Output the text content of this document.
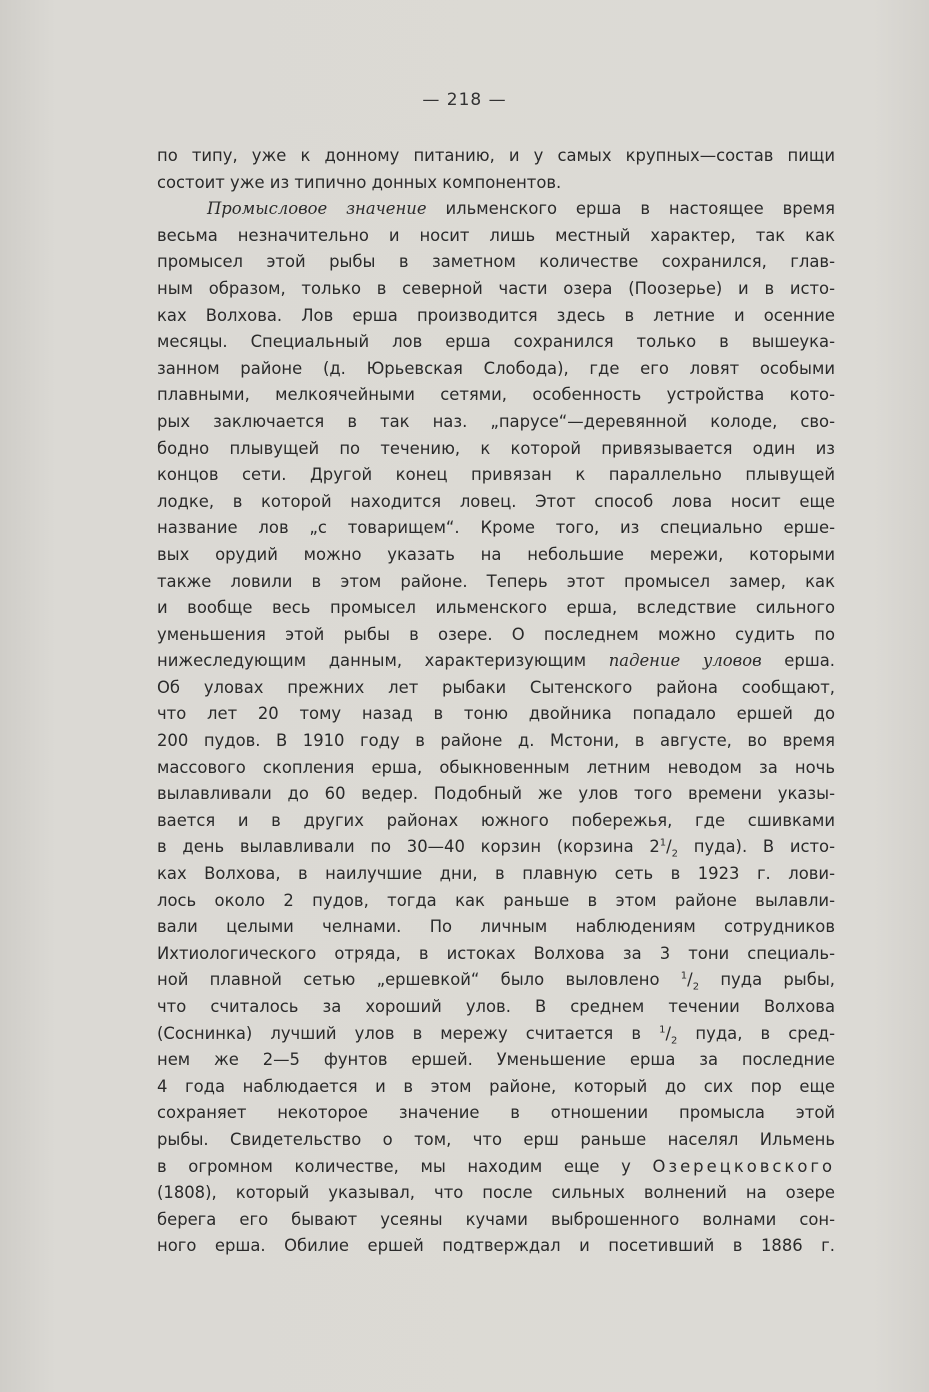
— 218 —
по типу, уже к донному питанию, и у самых крупных—состав пищи
состоит уже из типично донных компонентов.
Промысловое значение ильменского ерша в настоящее время
весьма незначительно и носит лишь местный характер, так как
промысел этой рыбы в заметном количестве сохранился, глав-
ным образом, только в северной части озера (Поозерье) и в исто-
ках Волхова. Лов ерша производится здесь в летние и осенние
месяцы. Специальный лов ерша сохранился только в вышеука-
занном районе (д. Юрьевская Слобода), где его ловят особыми
плавными, мелкоячейными сетями, особенность устройства кото-
рых заключается в так наз. „парусе“—деревянной колоде, сво-
бодно плывущей по течению, к которой привязывается один из
концов сети. Другой конец привязан к параллельно плывущей
лодке, в которой находится ловец. Этот способ лова носит еще
название лов „с товарищем“. Кроме того, из специально ерше-
вых орудий можно указать на небольшие мережи, которыми
также ловили в этом районе. Теперь этот промысел замер, как
и вообще весь промысел ильменского ерша, вследствие сильного
уменьшения этой рыбы в озере. О последнем можно судить по
нижеследующим данным, характеризующим падение уловов ерша.
Об уловах прежних лет рыбаки Сытенского района сообщают,
что лет 20 тому назад в тоню двойника попадало ершей до
200 пудов. В 1910 году в районе д. Мстони, в августе, во время
массового скопления ерша, обыкновенным летним неводом за ночь
вылавливали до 60 ведер. Подобный же улов того времени указы-
вается и в других районах южного побережья, где сшивками
в день вылавливали по 30—40 корзин (корзина $2^1/_2$ пуда). В исто-
ках Волхова, в наилучшие дни, в плавную сеть в 1923 г. лови-
лось около 2 пудов, тогда как раньше в этом районе вылавли-
вали целыми челнами. По личным наблюдениям сотрудников
Ихтиологического отряда, в истоках Волхова за 3 тони специаль-
ной плавной сетью „ершевкой“ было выловлено $^1/_2$ пуда рыбы,
что считалось за хороший улов. В среднем течении Волхова
(Соснинка) лучший улов в мережу считается в $^1/_2$ пуда, в сред-
нем же 2—5 фунтов ершей. Уменьшение ерша за последние
4 года наблюдается и в этом районе, который до сих пор еще
сохраняет некоторое значение в отношении промысла этой
рыбы. Свидетельство о том, что ерш раньше населял Ильмень
в огромном количестве, мы находим еще у Озерецковского
(1808), который указывал, что после сильных волнений на озере
берега его бывают усеяны кучами выброшенного волнами сон-
ного ерша. Обилие ершей подтверждал и посетивший в 1886 г.
